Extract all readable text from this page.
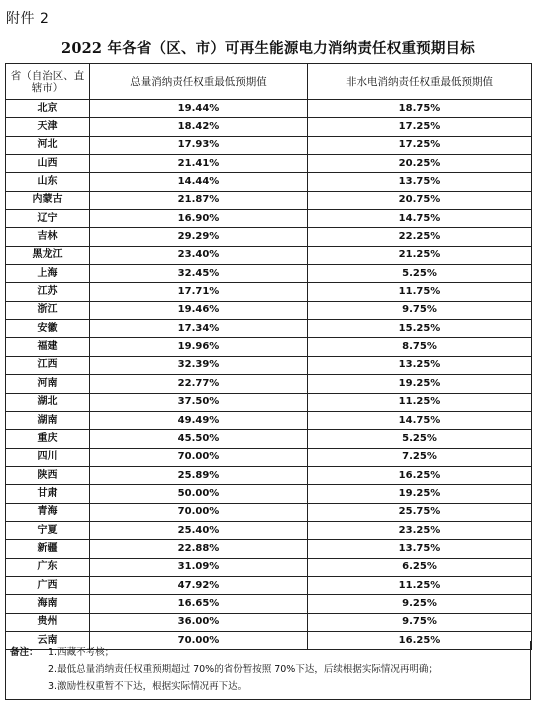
附件 2
2022 年各省（区、市）可再生能源电力消纳责任权重预期目标
省（自治区、直辖市）	总量消纳责任权重最低预期值	非水电消纳责任权重最低预期值
北京	19.44%	18.75%
天津	18.42%	17.25%
河北	17.93%	17.25%
山西	21.41%	20.25%
山东	14.44%	13.75%
内蒙古	21.87%	20.75%
辽宁	16.90%	14.75%
吉林	29.29%	22.25%
黑龙江	23.40%	21.25%
上海	32.45%	5.25%
江苏	17.71%	11.75%
浙江	19.46%	9.75%
安徽	17.34%	15.25%
福建	19.96%	8.75%
江西	32.39%	13.25%
河南	22.77%	19.25%
湖北	37.50%	11.25%
湖南	49.49%	14.75%
重庆	45.50%	5.25%
四川	70.00%	7.25%
陕西	25.89%	16.25%
甘肃	50.00%	19.25%
青海	70.00%	25.75%
宁夏	25.40%	23.25%
新疆	22.88%	13.75%
广东	31.09%	6.25%
广西	47.92%	11.25%
海南	16.65%	9.25%
贵州	36.00%	9.75%
云南	70.00%	16.25%
备注： 1.西藏不考核；
2.最低总量消纳责任权重预期超过 70%的省份暂按照 70%下达，后续根据实际情况再明确；
3.激励性权重暂不下达，根据实际情况再下达。
